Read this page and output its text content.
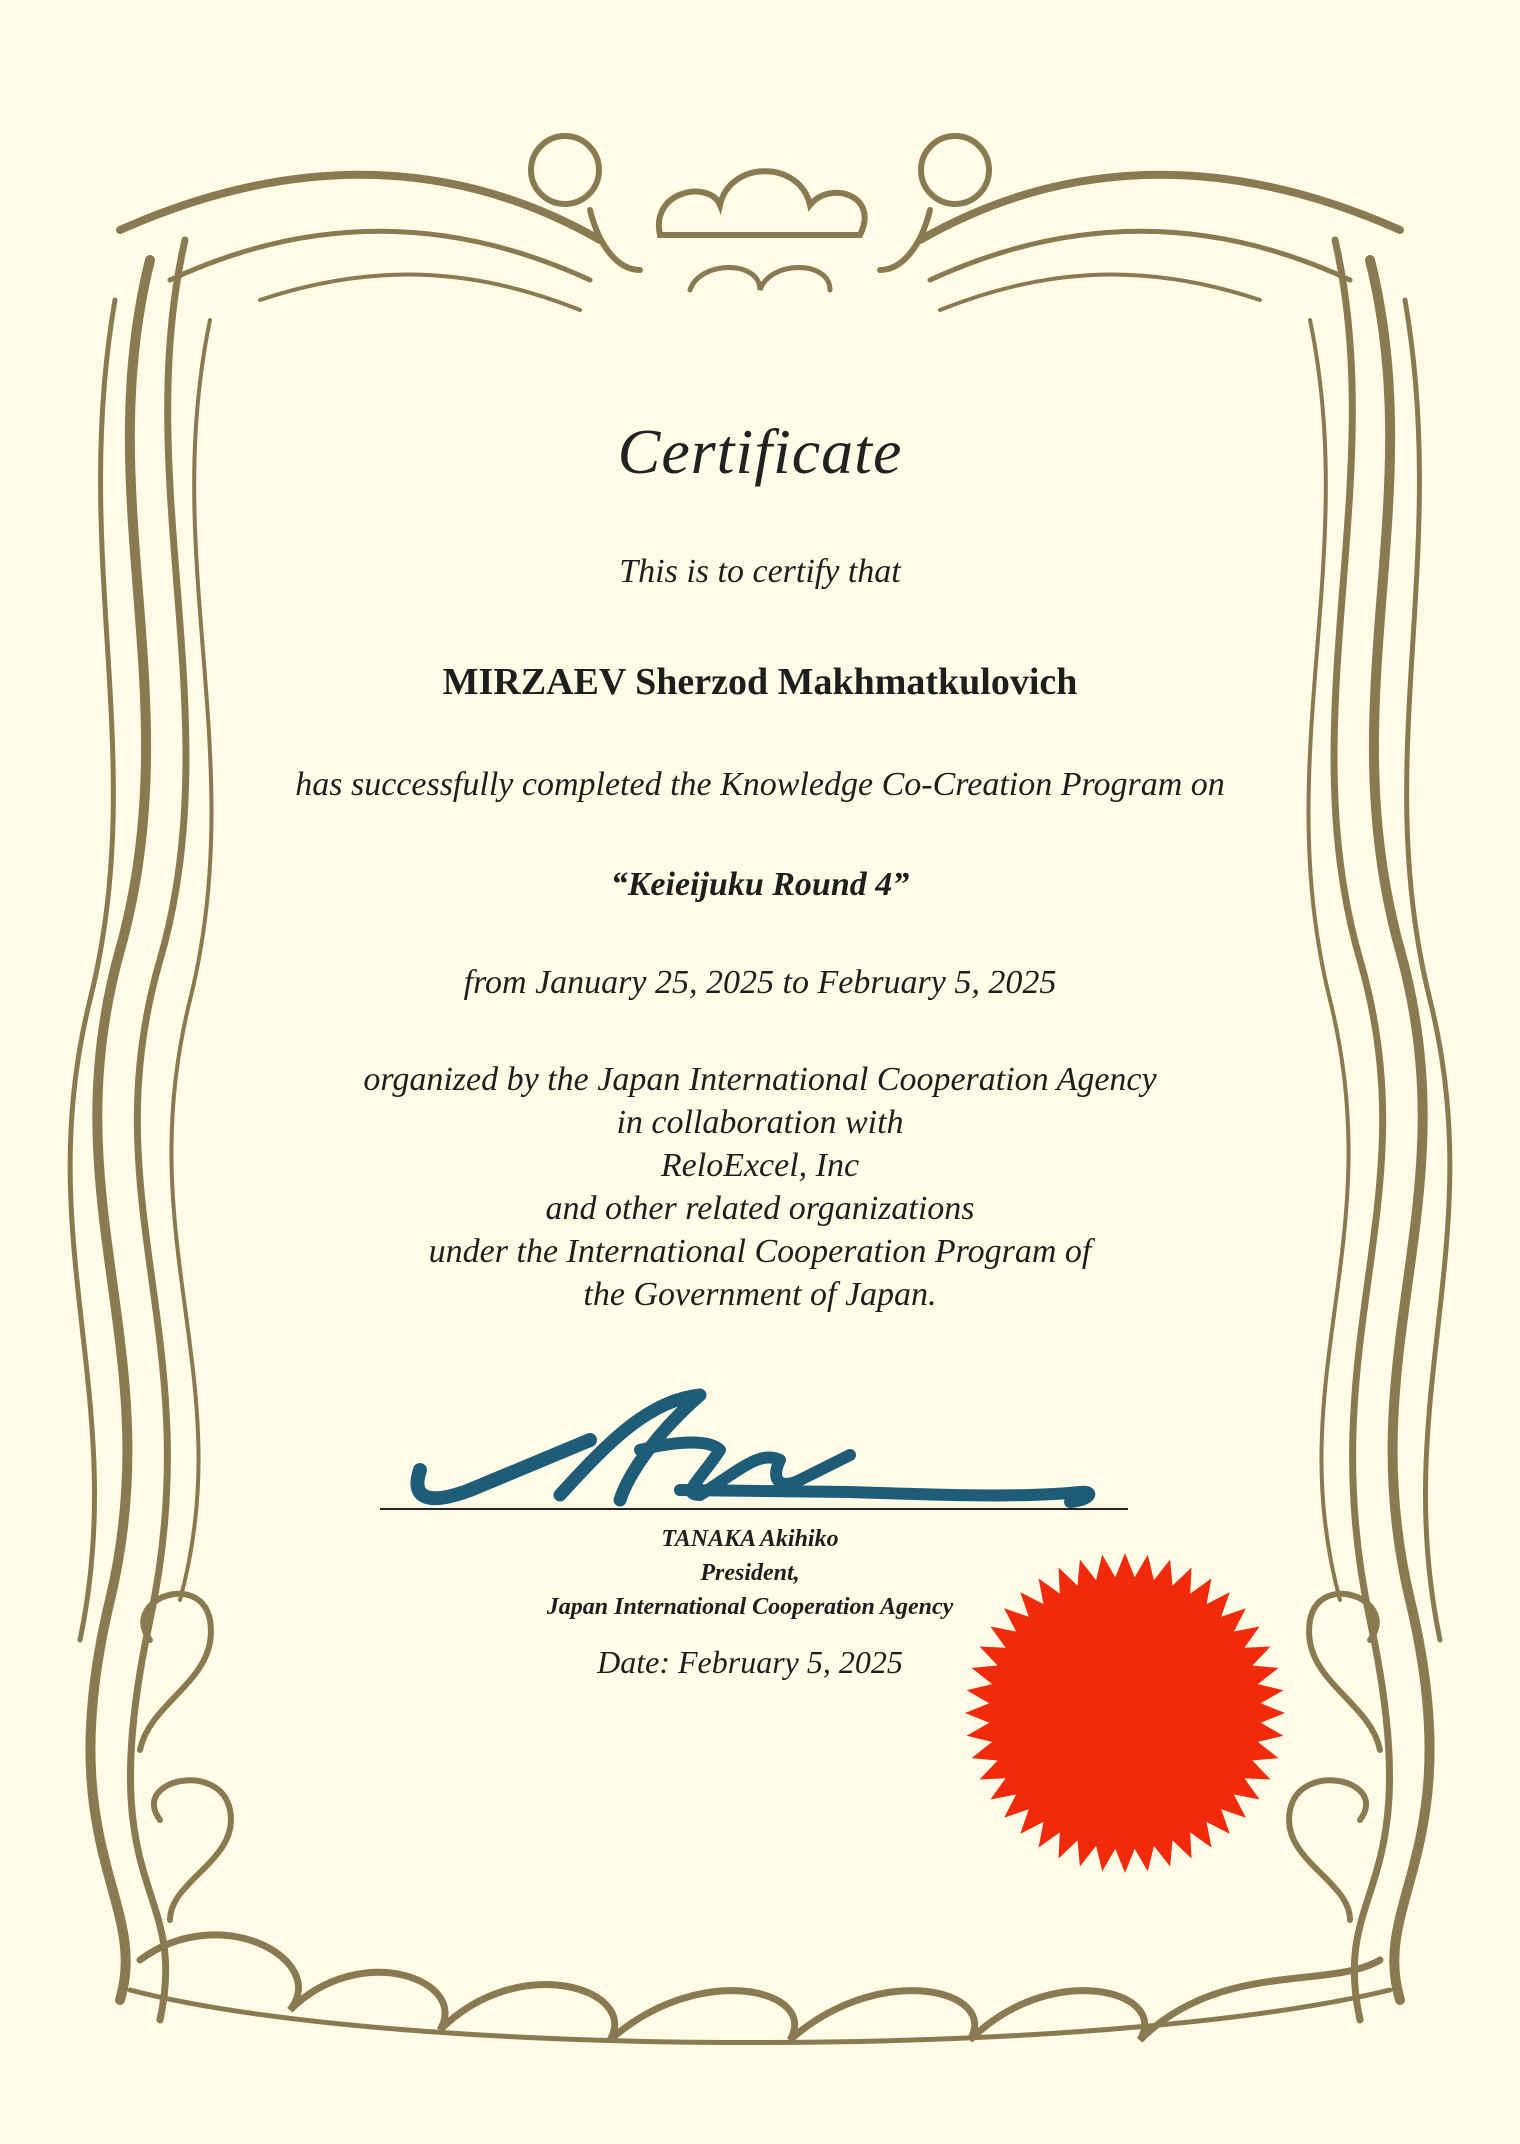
Certificate
This is to certify that
MIRZAEV Sherzod Makhmatkulovich
has successfully completed the Knowledge Co-Creation Program on
“Keieijuku Round 4”
from January 25, 2025 to February 5, 2025
organized by the Japan International Cooperation Agency
in collaboration with
ReloExcel, Inc
and other related organizations
under the International Cooperation Program of
the Government of Japan.
TANAKA Akihiko
President,
Japan International Cooperation Agency
Date: February 5, 2025
